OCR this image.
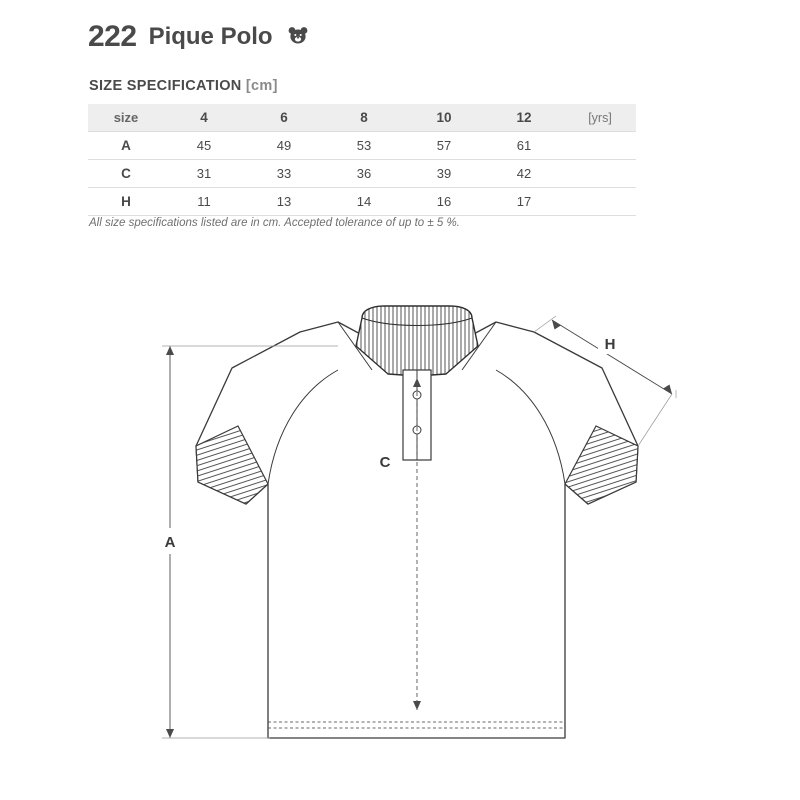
222 Pique Polo
SIZE SPECIFICATION [cm]
size	4	6	8	10	12	[yrs]
A	45	49	53	57	61	
C	31	33	36	39	42	
H	11	13	14	16	17	
All size specifications listed are in cm. Accepted tolerance of up to ± 5 %.
A
C
H
